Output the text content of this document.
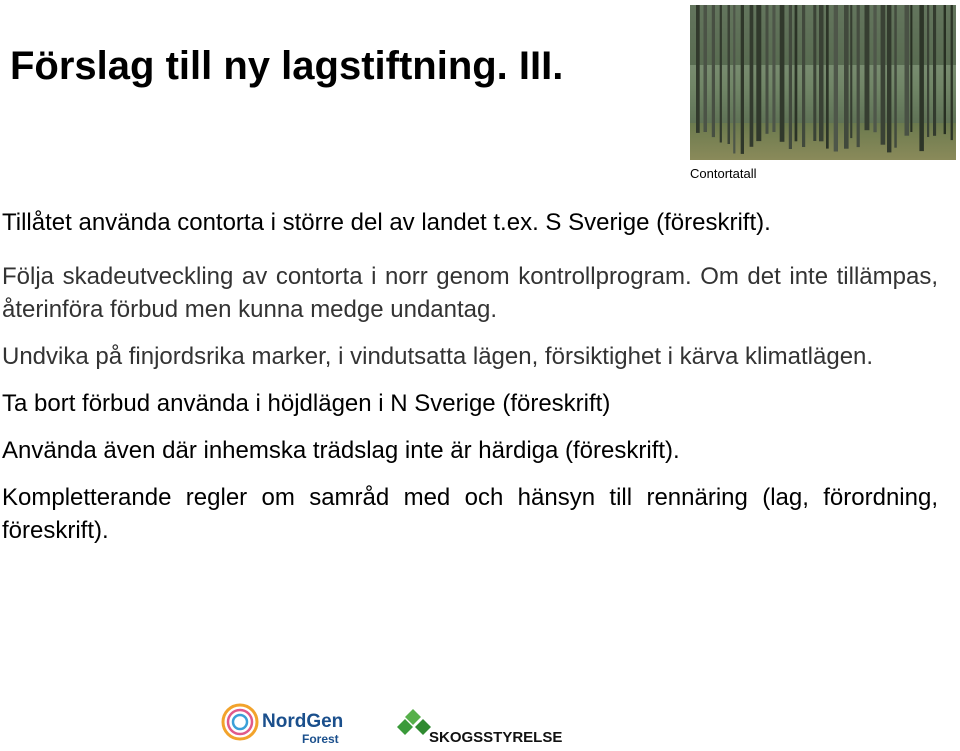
Förslag till ny lagstiftning. III.
Contortatall

Tillåtet använda contorta i större del av landet t.ex. S Sverige (föreskrift).

Följa skadeutveckling av contorta i norr genom kontrollprogram. Om det inte tillämpas, återinföra förbud men kunna medge undantag.

Undvika på finjordsrika marker, i vindutsatta lägen, försiktighet i kärva klimatlägen.

Ta bort förbud använda i höjdlägen i N Sverige (föreskrift)

Använda även där inhemska trädslag inte är härdiga (föreskrift).

Kompletterande regler om samråd med och hänsyn till rennäring (lag, förordning, föreskrift).

NordGen
Forest	SKOGSSTYRELSEN
